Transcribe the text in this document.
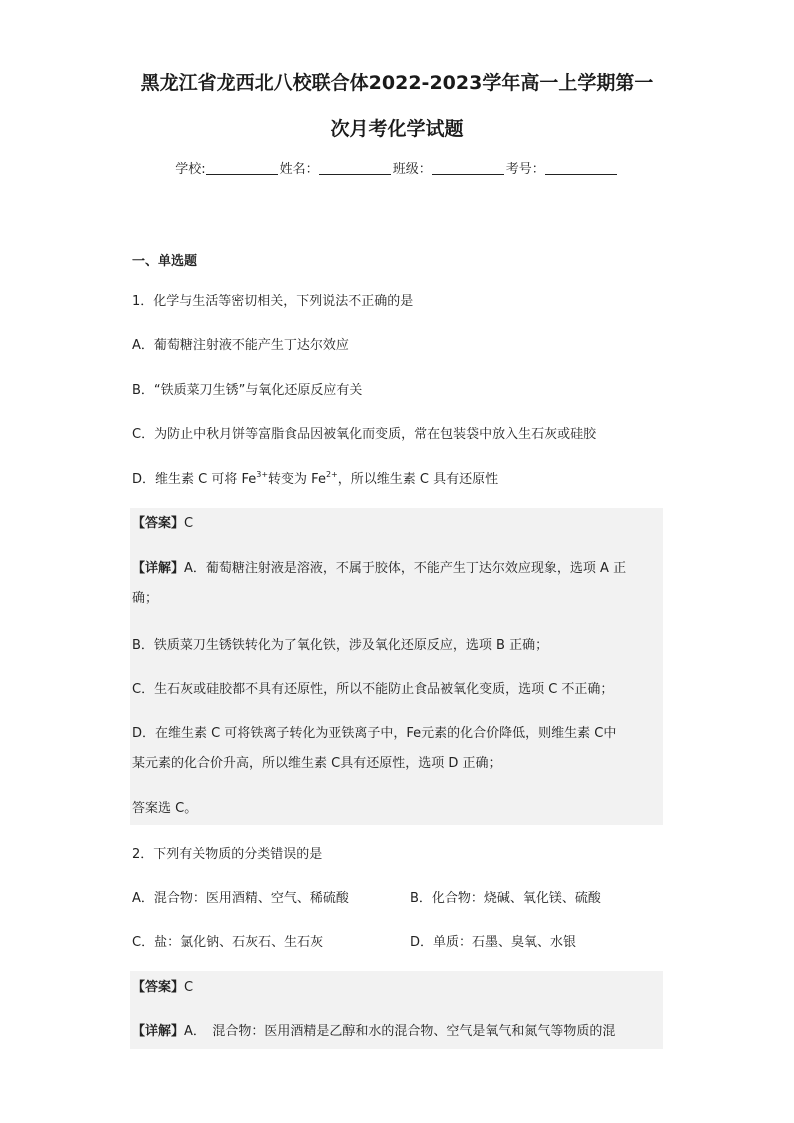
黑龙江省龙西北八校联合体2022-2023学年高一上学期第一
次月考化学试题
学校:	姓名：	班级：	考号：
一、单选题
1．化学与生活等密切相关，下列说法不正确的是
A．葡萄糖注射液不能产生丁达尔效应
B．“铁质菜刀生锈”与氧化还原反应有关
C．为防止中秋月饼等富脂食品因被氧化而变质，常在包装袋中放入生石灰或硅胶
D．维生素 C 可将 $Fe^{3+}$转变为 $Fe^{2+}$，所以维生素 C 具有还原性
【答案】C
【详解】A．葡萄糖注射液是溶液，不属于胶体，不能产生丁达尔效应现象，选项 A 正
确；
B．铁质菜刀生锈铁转化为了氧化铁，涉及氧化还原反应，选项 B 正确；
C．生石灰或硅胶都不具有还原性，所以不能防止食品被氧化变质，选项 C 不正确；
D．在维生素 C 可将铁离子转化为亚铁离子中，Fe元素的化合价降低，则维生素 C中
某元素的化合价升高，所以维生素 C具有还原性，选项 D 正确；
答案选 C。
2．下列有关物质的分类错误的是
A．混合物：医用酒精、空气、稀硫酸	B．化合物：烧碱、氧化镁、硫酸
C．盐：氯化钠、石灰石、生石灰	D．单质：石墨、臭氧、水银
【答案】C
【详解】A．　混合物：医用酒精是乙醇和水的混合物、空气是氧气和氮气等物质的混
